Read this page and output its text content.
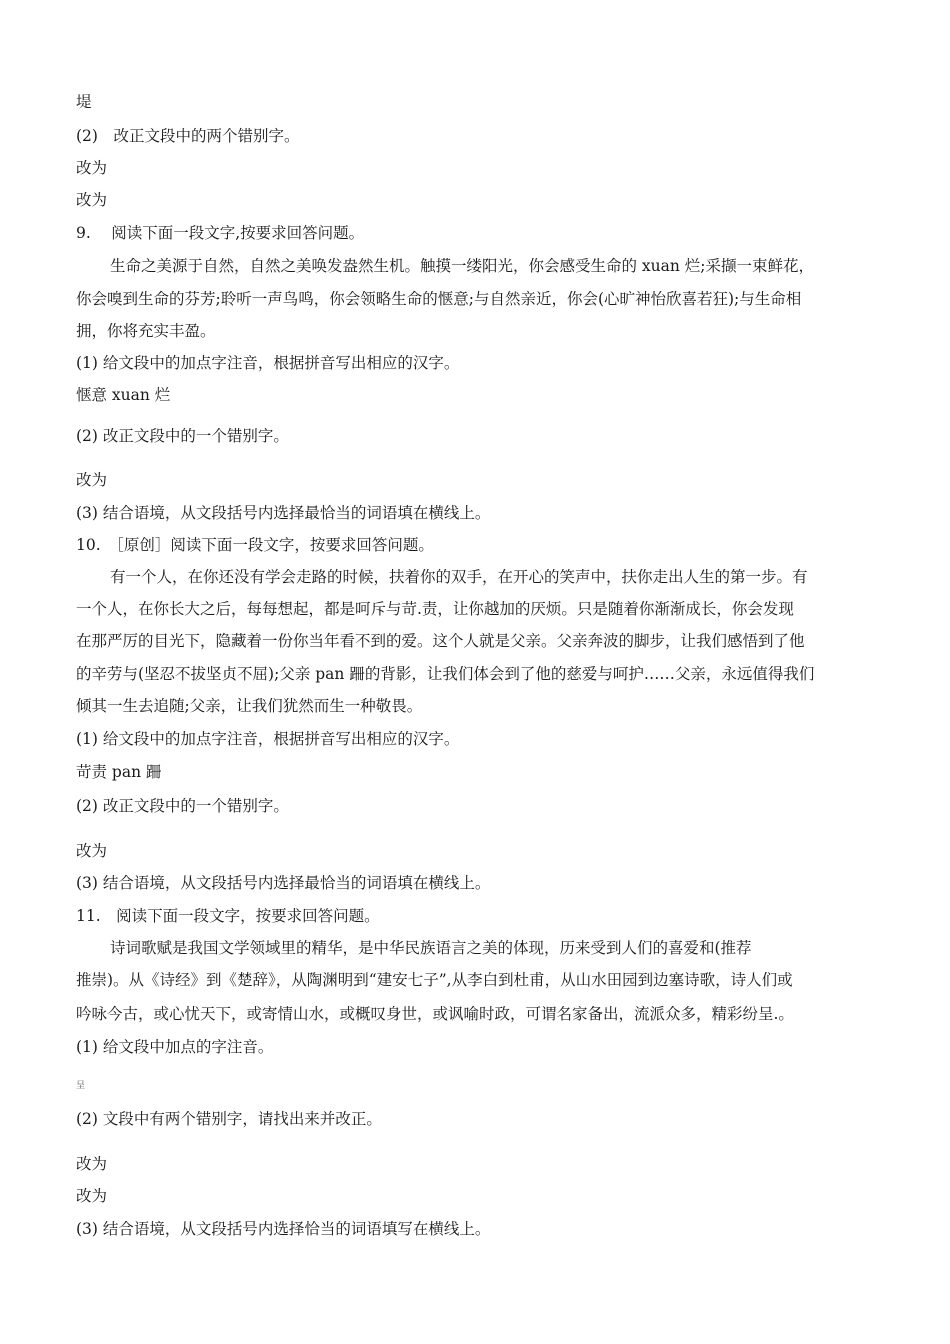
堤
(2)　改正文段中的两个错别字。
改为
改为
9.　 阅读下面一段文字,按要求回答问题。
生命之美源于自然，自然之美唤发盎然生机。触摸一缕阳光，你会感受生命的 xuan 烂;采撷一束鲜花，
你会嗅到生命的芬芳;聆听一声鸟鸣，你会领略生命的惬意;与自然亲近，你会(心旷神怡欣喜若狂);与生命相
拥，你将充实丰盈。
(1) 给文段中的加点字注音，根据拼音写出相应的汉字。
惬意 xuan 烂
(2) 改正文段中的一个错别字。
改为
(3) 结合语境，从文段括号内选择最恰当的词语填在横线上。
10.　［原创］阅读下面一段文字，按要求回答问题。
有一个人，在你还没有学会走路的时候，扶着你的双手，在开心的笑声中，扶你走出人生的第一步。有
一个人，在你长大之后，每每想起，都是呵斥与苛.责，让你越加的厌烦。只是随着你渐渐成长，你会发现
在那严厉的目光下，隐藏着一份你当年看不到的爱。这个人就是父亲。父亲奔波的脚步，让我们感悟到了他
的辛劳与(坚忍不拔坚贞不屈);父亲 pan 跚的背影，让我们体会到了他的慈爱与呵护……父亲，永远值得我们
倾其一生去追随;父亲，让我们犹然而生一种敬畏。
(1) 给文段中的加点字注音，根据拼音写出相应的汉字。
苛责 pan 跚
(2) 改正文段中的一个错别字。
改为
(3) 结合语境，从文段括号内选择最恰当的词语填在横线上。
11.　阅读下面一段文字，按要求回答问题。
诗词歌赋是我国文学领域里的精华，是中华民族语言之美的体现，历来受到人们的喜爱和(推荐
推崇)。从《诗经》到《楚辞》，从陶渊明到“建安七子”,从李白到杜甫，从山水田园到边塞诗歌，诗人们或
吟咏今古，或心忧天下，或寄情山水，或概叹身世，或讽喻时政，可谓名家备出，流派众多，精彩纷呈.。
(1) 给文段中加点的字注音。
呈
(2) 文段中有两个错别字，请找出来并改正。
改为
改为
(3) 结合语境，从文段括号内选择恰当的词语填写在横线上。
